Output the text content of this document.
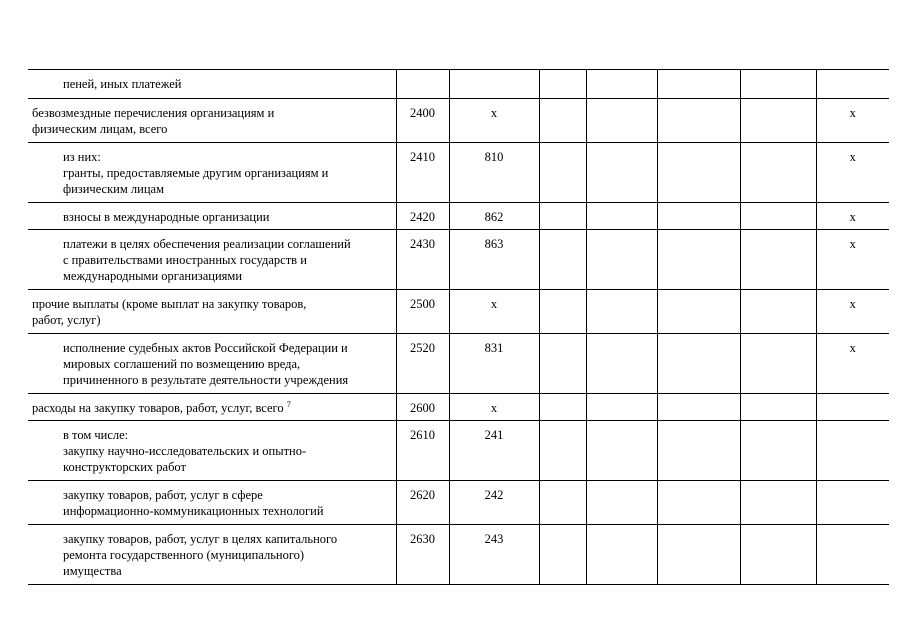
пеней, иных платежей							

безвозмездные перечисления организациям и
физическим лицам, всего	2400	x					x

из них:
гранты, предоставляемые другим организациям и
физическим лицам	2410	810					x

взносы в международные организации	2420	862					x

платежи в целях обеспечения реализации соглашений
с правительствами иностранных государств и
международными организациями	2430	863					x

прочие выплаты (кроме выплат на закупку товаров,
работ, услуг)	2500	x					x

исполнение судебных актов Российской Федерации и
мировых соглашений по возмещению вреда,
причиненного в результате деятельности учреждения	2520	831					x

расходы на закупку товаров, работ, услуг, всего $^7$	2600	x					

в том числе:
закупку научно-исследовательских и опытно-
конструкторских работ	2610	241					

закупку товаров, работ, услуг в сфере
информационно-коммуникационных технологий	2620	242					

закупку товаров, работ, услуг в целях капитального
ремонта государственного (муниципального)
имущества	2630	243					
